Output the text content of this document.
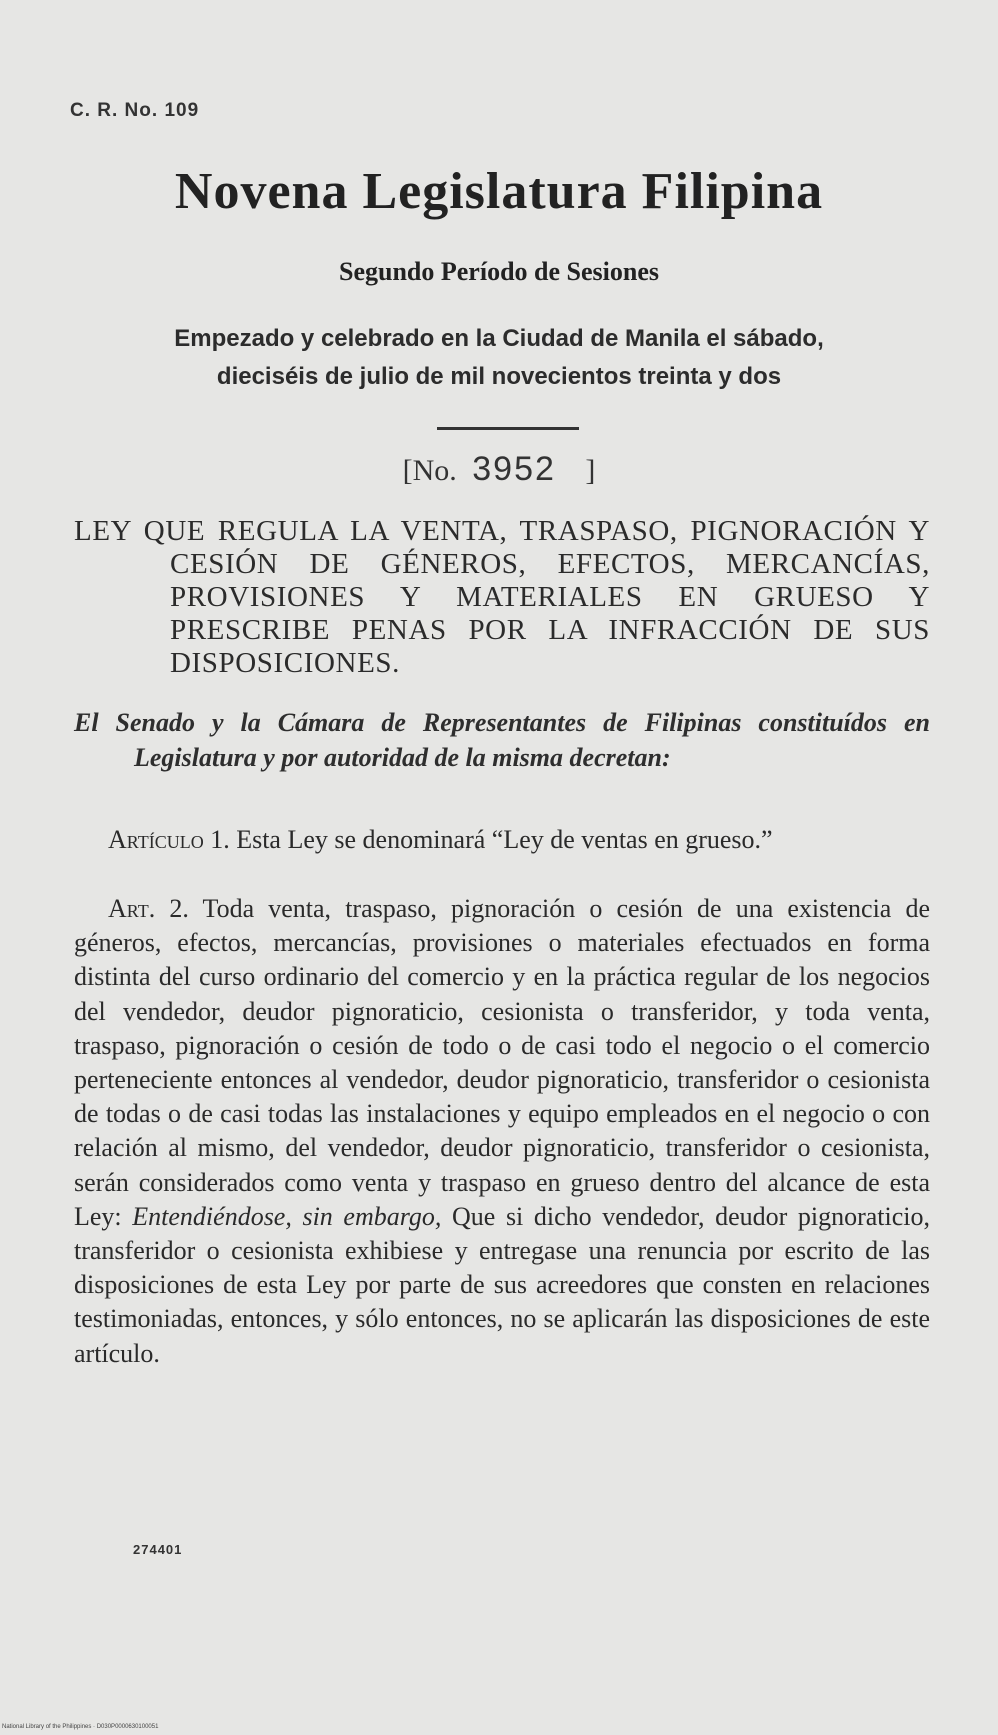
C. R. No. 109
Novena Legislatura Filipina
Segundo Período de Sesiones
Empezado y celebrado en la Ciudad de Manila el sábado,
dieciséis de julio de mil novecientos treinta y dos
[No. 3952 ]
LEY QUE REGULA LA VENTA, TRASPASO, PIGNORACIÓN Y CESIÓN DE GÉNEROS, EFECTOS, MERCANCÍAS, PROVISIONES Y MATERIALES EN GRUESO Y PRESCRIBE PENAS POR LA INFRACCIÓN DE SUS DISPOSICIONES.
El Senado y la Cámara de Representantes de Filipinas constituídos en Legislatura y por autoridad de la misma decretan:
Artículo 1. Esta Ley se denominará “Ley de ventas en grueso.”
Art. 2. Toda venta, traspaso, pignoración o cesión de una existencia de géneros, efectos, mercancías, provisiones o materiales efectuados en forma distinta del curso ordinario del comercio y en la práctica regular de los negocios del vendedor, deudor pignoraticio, cesionista o transferidor, y toda venta, traspaso, pignoración o cesión de todo o de casi todo el negocio o el comercio perteneciente entonces al vendedor, deudor pignoraticio, transferidor o cesionista de todas o de casi todas las instalaciones y equipo empleados en el negocio o con relación al mismo, del vendedor, deudor pignoraticio, transferidor o cesionista, serán considerados como venta y traspaso en grueso dentro del alcance de esta Ley: Entendiéndose, sin embargo, Que si dicho vendedor, deudor pignoraticio, transferidor o cesionista exhibiese y entregase una renuncia por escrito de las disposiciones de esta Ley por parte de sus acreedores que consten en relaciones testimoniadas, entonces, y sólo entonces, no se aplicarán las disposiciones de este artículo.
274401
National Library of the Philippines · D030P0000630100051
